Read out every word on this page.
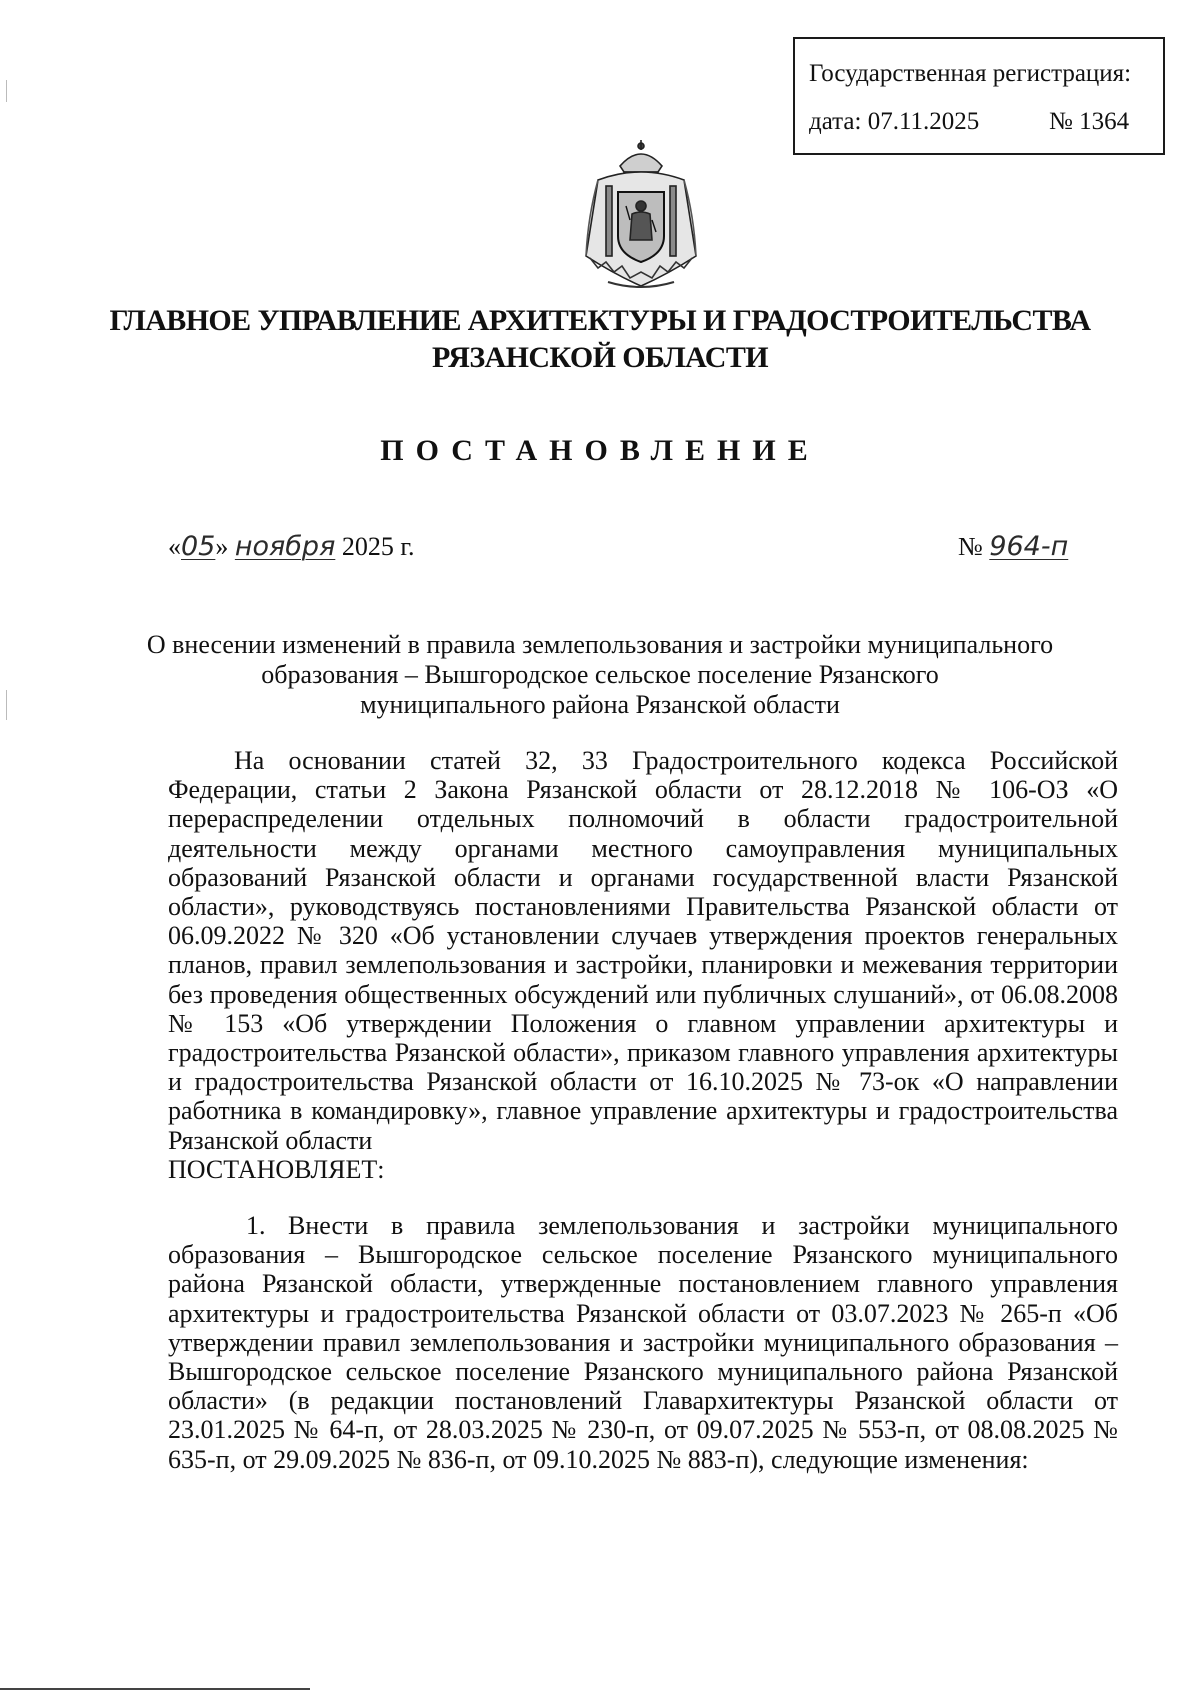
Государственная регистрация:
дата: 07.11.2025	№ 1364
ГЛАВНОЕ УПРАВЛЕНИЕ АРХИТЕКТУРЫ И ГРАДОСТРОИТЕЛЬСТВА
РЯЗАНСКОЙ ОБЛАСТИ
ПОСТАНОВЛЕНИЕ
«05» ноября 2025 г.	№ 964-п
О внесении изменений в правила землепользования и застройки муниципального
образования – Вышгородское сельское поселение Рязанского
муниципального района Рязанской области

На основании статей 32, 33 Градостроительного кодекса Российской Федерации, статьи 2 Закона Рязанской области от 28.12.2018 № 106-ОЗ «О перераспределении отдельных полномочий в области градостроительной деятельности между органами местного самоуправления муниципальных образований Рязанской области и органами государственной власти Рязанской области», руководствуясь постановлениями Правительства Рязанской области от 06.09.2022 № 320 «Об установлении случаев утверждения проектов генеральных планов, правил землепользования и застройки, планировки и межевания территории без проведения общественных обсуждений или публичных слушаний», от 06.08.2008 № 153 «Об утверждении Положения о главном управлении архитектуры и градостроительства Рязанской области», приказом главного управления архитектуры и градостроительства Рязанской области от 16.10.2025 № 73-ок «О направлении работника в командировку», главное управление архитектуры и градостроительства Рязанской области

ПОСТАНОВЛЯЕТ:

1. Внести в правила землепользования и застройки муниципального образования – Вышгородское сельское поселение Рязанского муниципального района Рязанской области, утвержденные постановлением главного управления архитектуры и градостроительства Рязанской области от 03.07.2023 № 265-п «Об утверждении правил землепользования и застройки муниципального образования – Вышгородское сельское поселение Рязанского муниципального района Рязанской области» (в редакции постановлений Главархитектуры Рязанской области от 23.01.2025 № 64-п, от 28.03.2025 № 230-п, от 09.07.2025 № 553-п, от 08.08.2025 № 635-п, от 29.09.2025 № 836-п, от 09.10.2025 № 883-п), следующие изменения:
